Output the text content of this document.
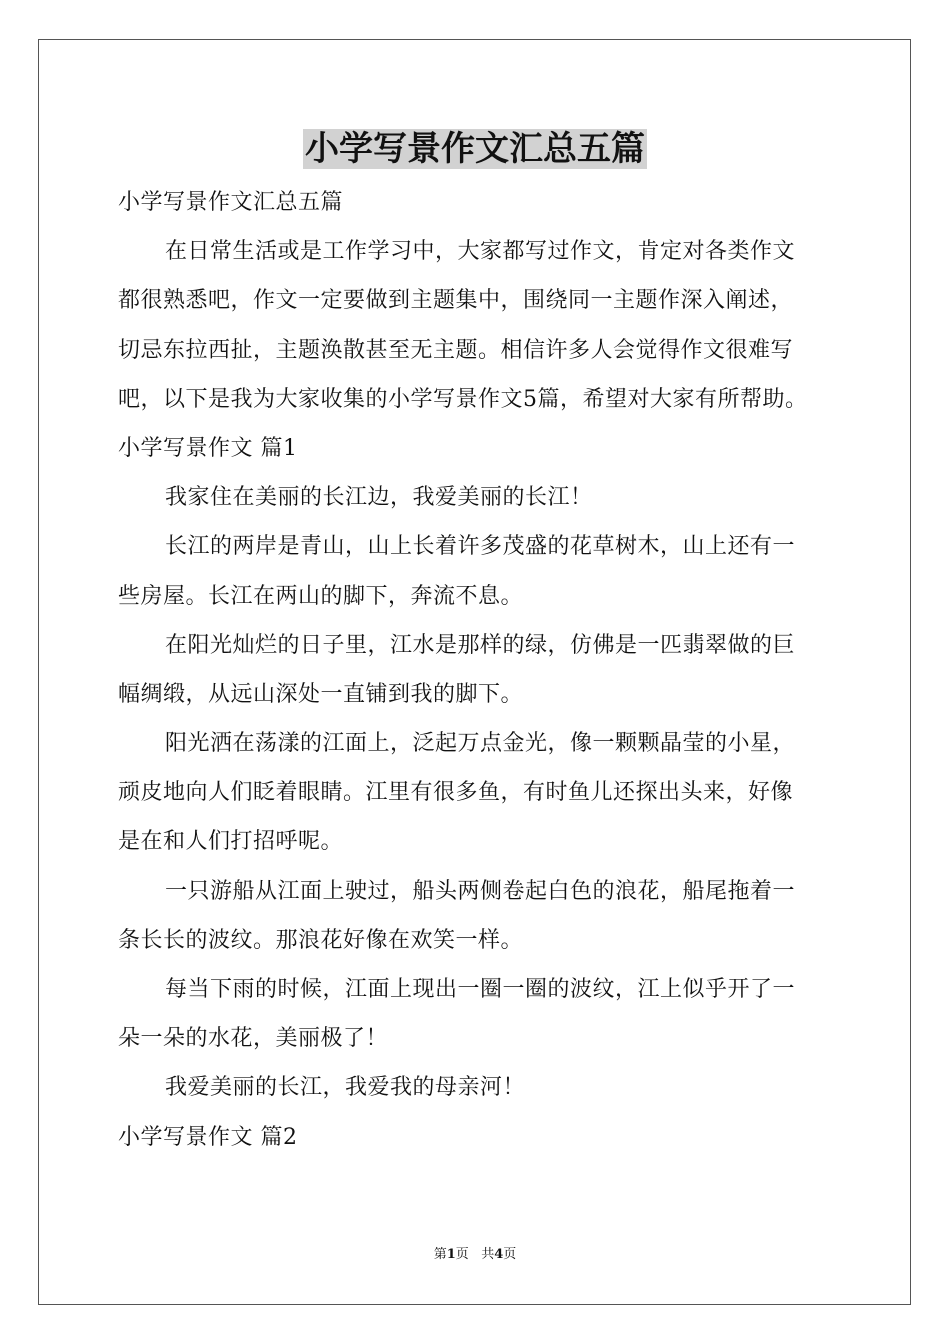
小学写景作文汇总五篇
小学写景作文汇总五篇
在日常生活或是工作学习中，大家都写过作文，肯定对各类作文
都很熟悉吧，作文一定要做到主题集中，围绕同一主题作深入阐述，
切忌东拉西扯，主题涣散甚至无主题。相信许多人会觉得作文很难写
吧，以下是我为大家收集的小学写景作文5篇，希望对大家有所帮助。
小学写景作文 篇1
我家住在美丽的长江边，我爱美丽的长江！
长江的两岸是青山，山上长着许多茂盛的花草树木，山上还有一
些房屋。长江在两山的脚下，奔流不息。
在阳光灿烂的日子里，江水是那样的绿，仿佛是一匹翡翠做的巨
幅绸缎，从远山深处一直铺到我的脚下。
阳光洒在荡漾的江面上，泛起万点金光，像一颗颗晶莹的小星，
顽皮地向人们眨着眼睛。江里有很多鱼，有时鱼儿还探出头来，好像
是在和人们打招呼呢。
一只游船从江面上驶过，船头两侧卷起白色的浪花，船尾拖着一
条长长的波纹。那浪花好像在欢笑一样。
每当下雨的时候，江面上现出一圈一圈的波纹，江上似乎开了一
朵一朵的水花，美丽极了！
我爱美丽的长江，我爱我的母亲河！
小学写景作文 篇2
第1页 共4页
